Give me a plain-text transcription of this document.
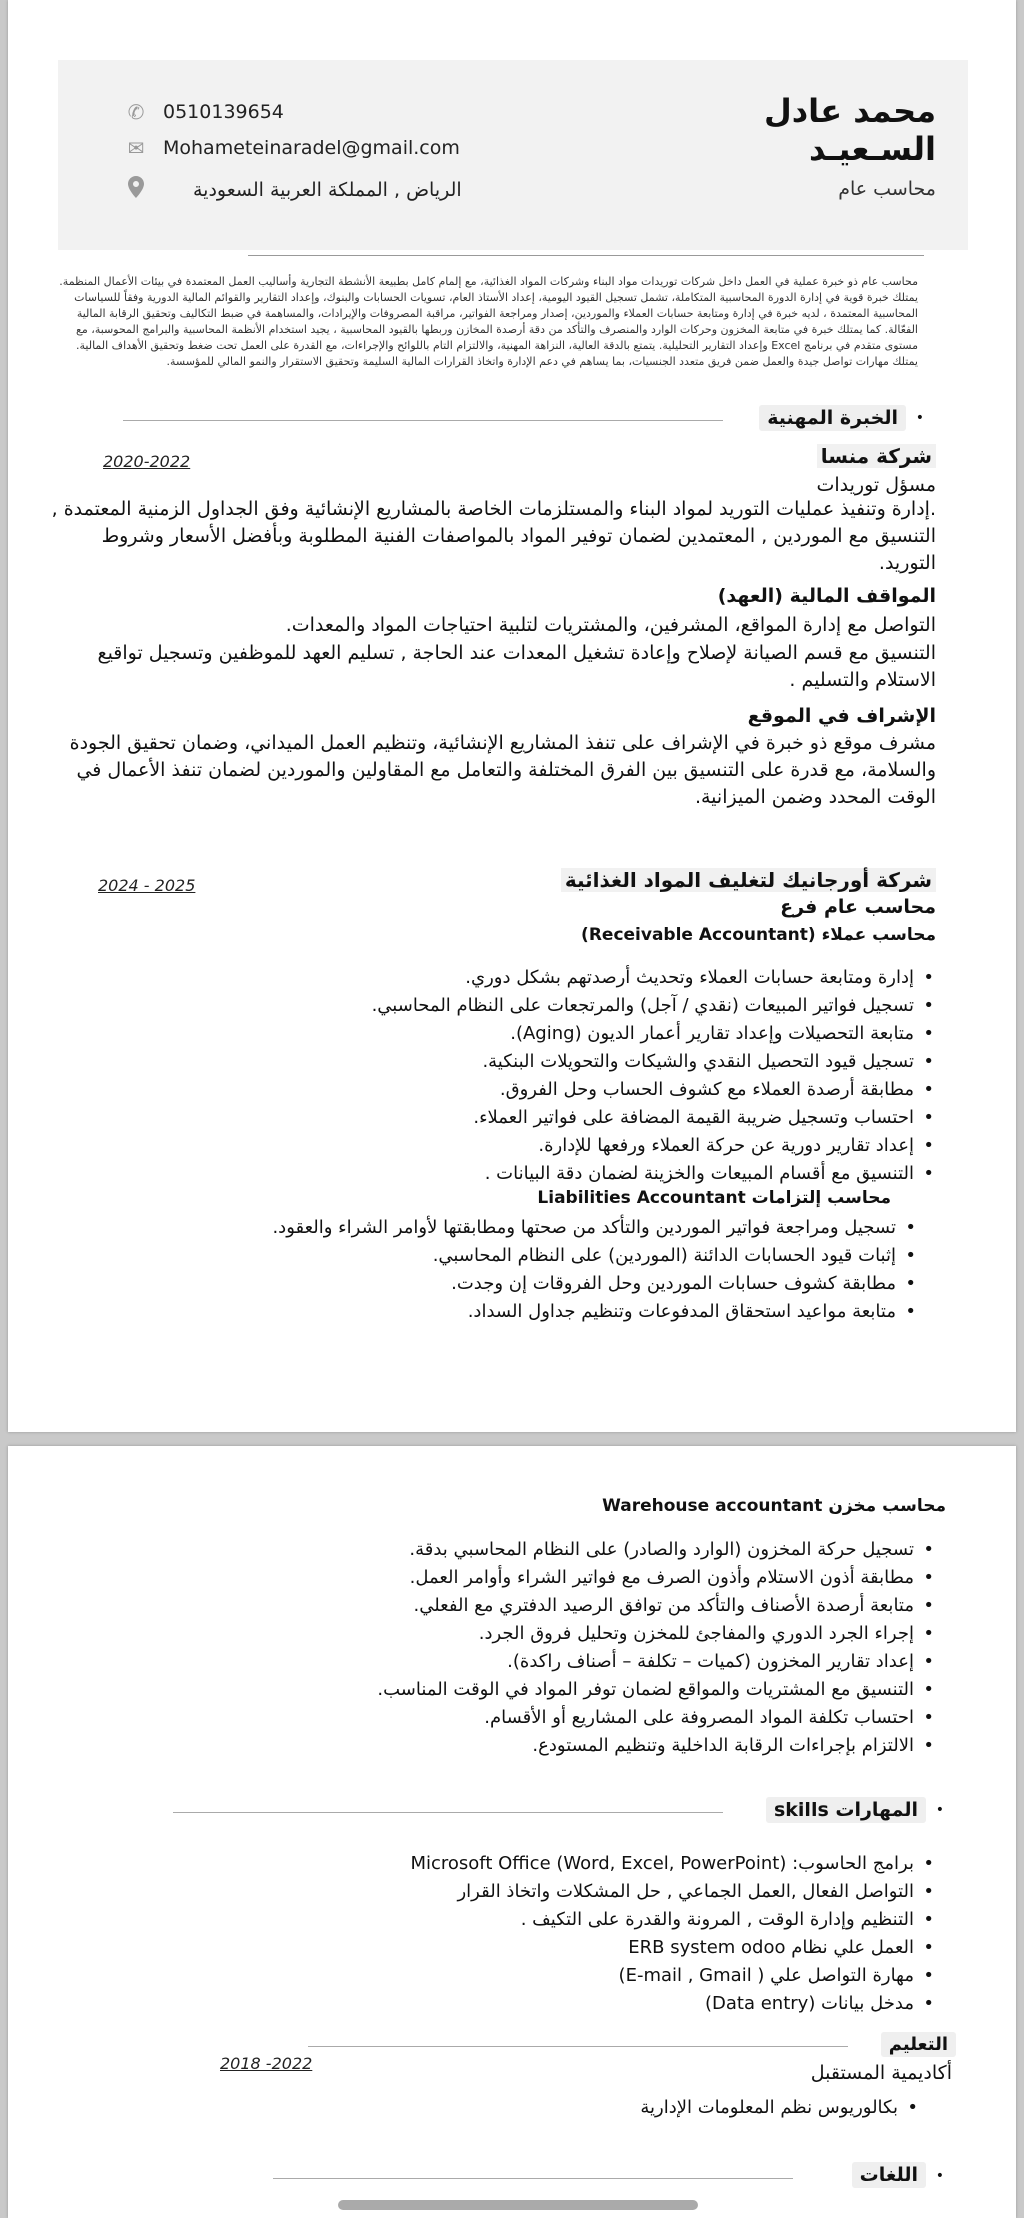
محمد عادل السـعيـد
محاسب عام
✆ 0510139654
✉ Mohameteinaradel@gmail.com
الرياض , المملكة العربية السعودية
محاسب عام ذو خبرة عملية في العمل داخل شركات توريدات مواد البناء وشركات المواد الغذائية، مع إلمام كامل بطبيعة الأنشطة التجارية وأساليب العمل المعتمدة في بيئات الأعمال المنظمة. يمتلك خبرة قوية في إدارة الدورة المحاسبية المتكاملة، تشمل تسجيل القيود اليومية، إعداد الأستاذ العام، تسويات الحسابات والبنوك، وإعداد التقارير والقوائم المالية الدورية وفقاً للسياسات المحاسبية المعتمدة ، لديه خبرة في إدارة ومتابعة حسابات العملاء والموردين، إصدار ومراجعة الفواتير، مراقبة المصروفات والإيرادات، والمساهمة في ضبط التكاليف وتحقيق الرقابة المالية الفعّالة. كما يمتلك خبرة في متابعة المخزون وحركات الوارد والمنصرف والتأكد من دقة أرصدة المخازن وربطها بالقيود المحاسبية ، يجيد استخدام الأنظمة المحاسبية والبرامج المحوسبة، مع مستوى متقدم في برنامج Excel وإعداد التقارير التحليلية. يتمتع بالدقة العالية، النزاهة المهنية، والالتزام التام باللوائح والإجراءات، مع القدرة على العمل تحت ضغط وتحقيق الأهداف المالية. يمتلك مهارات تواصل جيدة والعمل ضمن فريق متعدد الجنسيات، بما يساهم في دعم الإدارة واتخاذ القرارات المالية السليمة وتحقيق الاستقرار والنمو المالي للمؤسسة.
الخبرة المهنية	•
2020-2022	شركة منسا
مسؤل توريدات
.إدارة وتنفيذ عمليات التوريد لمواد البناء والمستلزمات الخاصة بالمشاريع الإنشائية وفق الجداول الزمنية المعتمدة , التنسيق مع الموردين , المعتمدين لضمان توفير المواد بالمواصفات الفنية المطلوبة وبأفضل الأسعار وشروط التوريد.
المواقف المالية (العهد)
التواصل مع إدارة المواقع، المشرفين، والمشتريات لتلبية احتياجات المواد والمعدات.
التنسيق مع قسم الصيانة لإصلاح وإعادة تشغيل المعدات عند الحاجة , تسليم العهد للموظفين وتسجيل تواقيع الاستلام والتسليم .
الإشراف في الموقع
مشرف موقع ذو خبرة في الإشراف على تنفذ المشاريع الإنشائية، وتنظيم العمل الميداني، وضمان تحقيق الجودة والسلامة، مع قدرة على التنسيق بين الفرق المختلفة والتعامل مع المقاولين والموردين لضمان تنفذ الأعمال في الوقت المحدد وضمن الميزانية.
2024 - 2025	شركة أورجانيك لتغليف المواد الغذائية
محاسب عام فرع
محاسب عملاء (Receivable Accountant)
• إدارة ومتابعة حسابات العملاء وتحديث أرصدتهم بشكل دوري.
• تسجيل فواتير المبيعات (نقدي / آجل) والمرتجعات على النظام المحاسبي.
• متابعة التحصيلات وإعداد تقارير أعمار الديون (Aging).
• تسجيل قيود التحصيل النقدي والشيكات والتحويلات البنكية.
• مطابقة أرصدة العملاء مع كشوف الحساب وحل الفروق.
• احتساب وتسجيل ضريبة القيمة المضافة على فواتير العملاء.
• إعداد تقارير دورية عن حركة العملاء ورفعها للإدارة.
• التنسيق مع أقسام المبيعات والخزينة لضمان دقة البيانات .
محاسب إلتزامات Liabilities Accountant
• تسجيل ومراجعة فواتير الموردين والتأكد من صحتها ومطابقتها لأوامر الشراء والعقود.
• إثبات قيود الحسابات الدائنة (الموردين) على النظام المحاسبي.
• مطابقة كشوف حسابات الموردين وحل الفروقات إن وجدت.
• متابعة مواعيد استحقاق المدفوعات وتنظيم جداول السداد.
محاسب مخزن Warehouse accountant
• تسجيل حركة المخزون (الوارد والصادر) على النظام المحاسبي بدقة.
• مطابقة أذون الاستلام وأذون الصرف مع فواتير الشراء وأوامر العمل.
• متابعة أرصدة الأصناف والتأكد من توافق الرصيد الدفتري مع الفعلي.
• إجراء الجرد الدوري والمفاجئ للمخزن وتحليل فروق الجرد.
• إعداد تقارير المخزون (كميات – تكلفة – أصناف راكدة).
• التنسيق مع المشتريات والمواقع لضمان توفر المواد في الوقت المناسب.
• احتساب تكلفة المواد المصروفة على المشاريع أو الأقسام.
• الالتزام بإجراءات الرقابة الداخلية وتنظيم المستودع.
المهارات skills	•
• برامج الحاسوب: Microsoft Office (Word, Excel, PowerPoint)
• التواصل الفعال ,العمل الجماعي , حل المشكلات واتخاذ القرار
• التنظيم وإدارة الوقت , المرونة والقدرة على التكيف .
• العمل علي نظام ERB system odoo
• مهارة التواصل علي ( E-mail , Gmail)
• مدخل بيانات (Data entry)
التعليم
2018 -2022	أكاديمية المستقبل
• بكالوريوس نظم المعلومات الإدارية
اللغات	•
